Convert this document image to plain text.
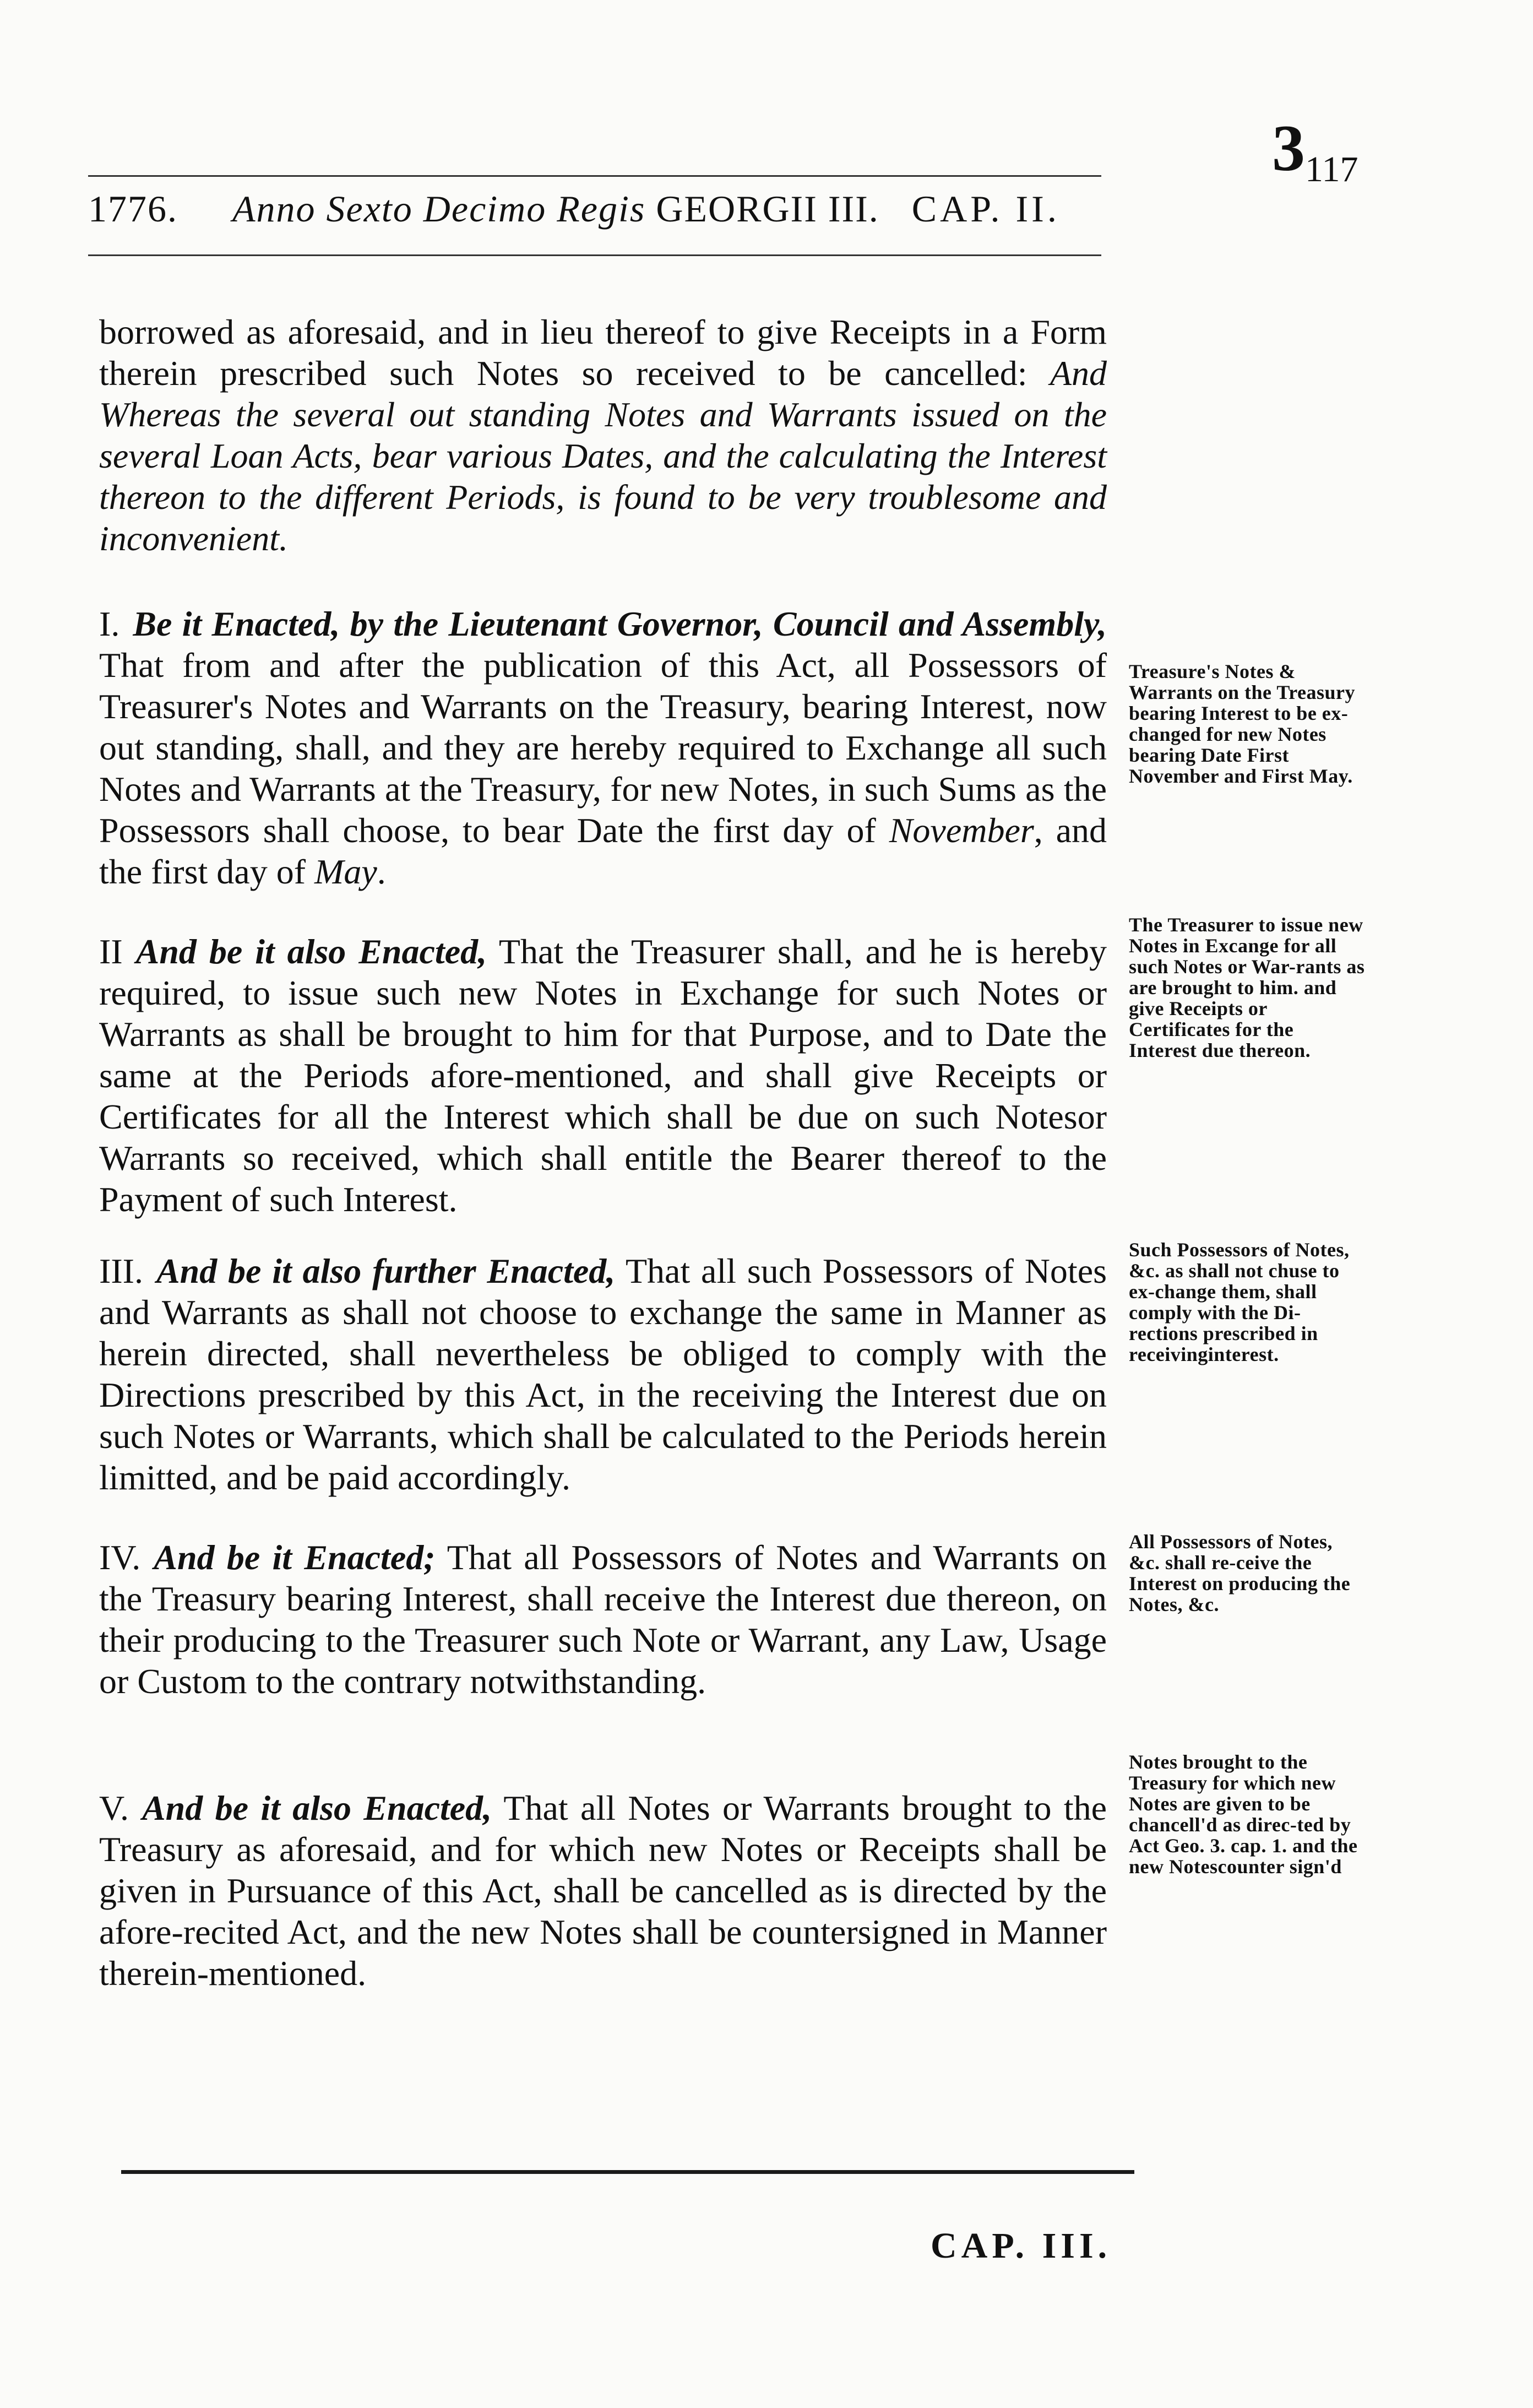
3 117
1776. Anno Sexto Decimo Regis GEORGII III. CAP. II.
borrowed as aforesaid, and in lieu thereof to give Receipts in a Form therein prescribed such Notes so received to be cancelled: And Whereas the several out standing Notes and Warrants issued on the several Loan Acts, bear various Dates, and the calculating the Interest thereon to the different Periods, is found to be very troublesome and inconvenient.
I. Be it Enacted, by the Lieutenant Governor, Council and Assembly, That from and after the publication of this Act, all Possessors of Treasurer's Notes and Warrants on the Treasury, bearing Interest, now out standing, shall, and they are hereby required to Exchange all such Notes and Warrants at the Treasury, for new Notes, in such Sums as the Possessors shall choose, to bear Date the first day of November, and the first day of May.
II And be it also Enacted, That the Treasurer shall, and he is hereby required, to issue such new Notes in Exchange for such Notes or Warrants as shall be brought to him for that Purpose, and to Date the same at the Periods afore-mentioned, and shall give Receipts or Certificates for all the Interest which shall be due on such Notesor Warrants so received, which shall entitle the Bearer thereof to the Payment of such Interest.
III. And be it also further Enacted, That all such Possessors of Notes and Warrants as shall not choose to exchange the same in Manner as herein directed, shall nevertheless be obliged to comply with the Directions prescribed by this Act, in the receiving the Interest due on such Notes or Warrants, which shall be calculated to the Periods herein limitted, and be paid accordingly.
IV. And be it Enacted; That all Possessors of Notes and Warrants on the Treasury bearing Interest, shall receive the Interest due thereon, on their producing to the Treasurer such Note or Warrant, any Law, Usage or Custom to the contrary notwithstanding.
V. And be it also Enacted, That all Notes or Warrants brought to the Treasury as aforesaid, and for which new Notes or Receipts shall be given in Pursuance of this Act, shall be cancelled as is directed by the afore-recited Act, and the new Notes shall be countersigned in Manner therein-mentioned.
Treasure's Notes & Warrants on the Treasury bearing Interest to be ex-changed for new Notes bearing Date First November and First May.
The Treasurer to issue new Notes in Excange for all such Notes or War-rants as are brought to him. and give Receipts or Certificates for the Interest due thereon.
Such Possessors of Notes, &c. as shall not chuse to ex-change them, shall comply with the Di-rections prescribed in receivinginterest.
All Possessors of Notes, &c. shall re-ceive the Interest on producing the Notes, &c.
Notes brought to the Treasury for which new Notes are given to be chancell'd as direc-ted by Act Geo. 3. cap. 1. and the new Notescounter sign'd
CAP. III.
